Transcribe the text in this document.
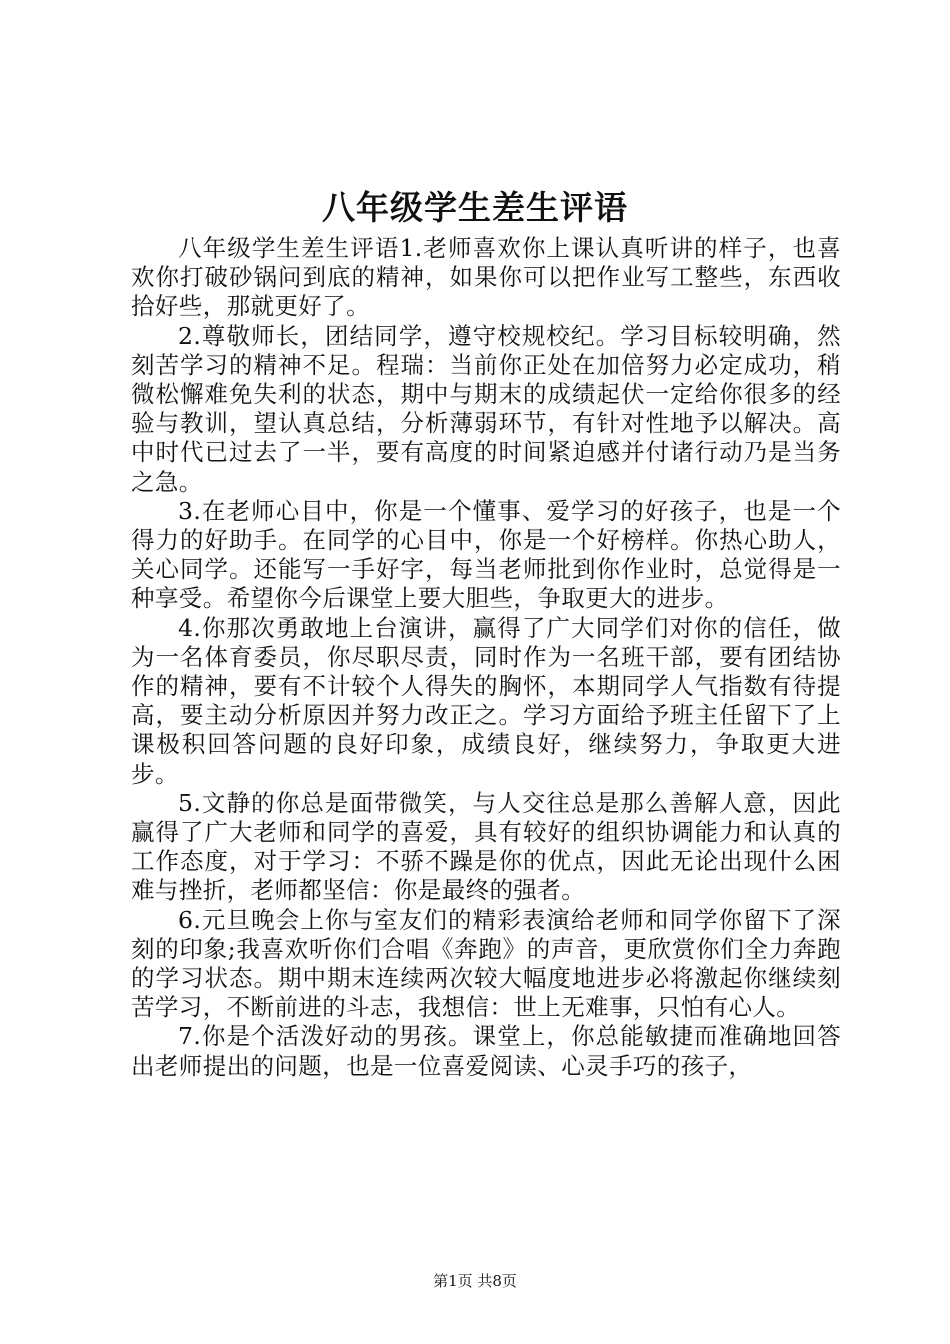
八年级学生差生评语

八年级学生差生评语1.老师喜欢你上课认真听讲的样子，也喜欢你打破砂锅问到底的精神，如果你可以把作业写工整些，东西收拾好些，那就更好了。

2.尊敬师长，团结同学，遵守校规校纪。学习目标较明确，然刻苦学习的精神不足。程瑞：当前你正处在加倍努力必定成功，稍微松懈难免失利的状态，期中与期末的成绩起伏一定给你很多的经验与教训，望认真总结，分析薄弱环节，有针对性地予以解决。高中时代已过去了一半，要有高度的时间紧迫感并付诸行动乃是当务之急。

3.在老师心目中，你是一个懂事、爱学习的好孩子，也是一个得力的好助手。在同学的心目中，你是一个好榜样。你热心助人，关心同学。还能写一手好字，每当老师批到你作业时，总觉得是一种享受。希望你今后课堂上要大胆些，争取更大的进步。

4.你那次勇敢地上台演讲，赢得了广大同学们对你的信任，做为一名体育委员，你尽职尽责，同时作为一名班干部，要有团结协作的精神，要有不计较个人得失的胸怀，本期同学人气指数有待提高，要主动分析原因并努力改正之。学习方面给予班主任留下了上课极积回答问题的良好印象，成绩良好，继续努力，争取更大进步。

5.文静的你总是面带微笑，与人交往总是那么善解人意，因此赢得了广大老师和同学的喜爱，具有较好的组织协调能力和认真的工作态度，对于学习：不骄不躁是你的优点，因此无论出现什么困难与挫折，老师都坚信：你是最终的强者。

6.元旦晚会上你与室友们的精彩表演给老师和同学你留下了深刻的印象;我喜欢听你们合唱《奔跑》的声音，更欣赏你们全力奔跑的学习状态。期中期末连续两次较大幅度地进步必将激起你继续刻苦学习，不断前进的斗志，我想信：世上无难事，只怕有心人。

7.你是个活泼好动的男孩。课堂上，你总能敏捷而准确地回答出老师提出的问题，也是一位喜爱阅读、心灵手巧的孩子，

第1页 共8页
